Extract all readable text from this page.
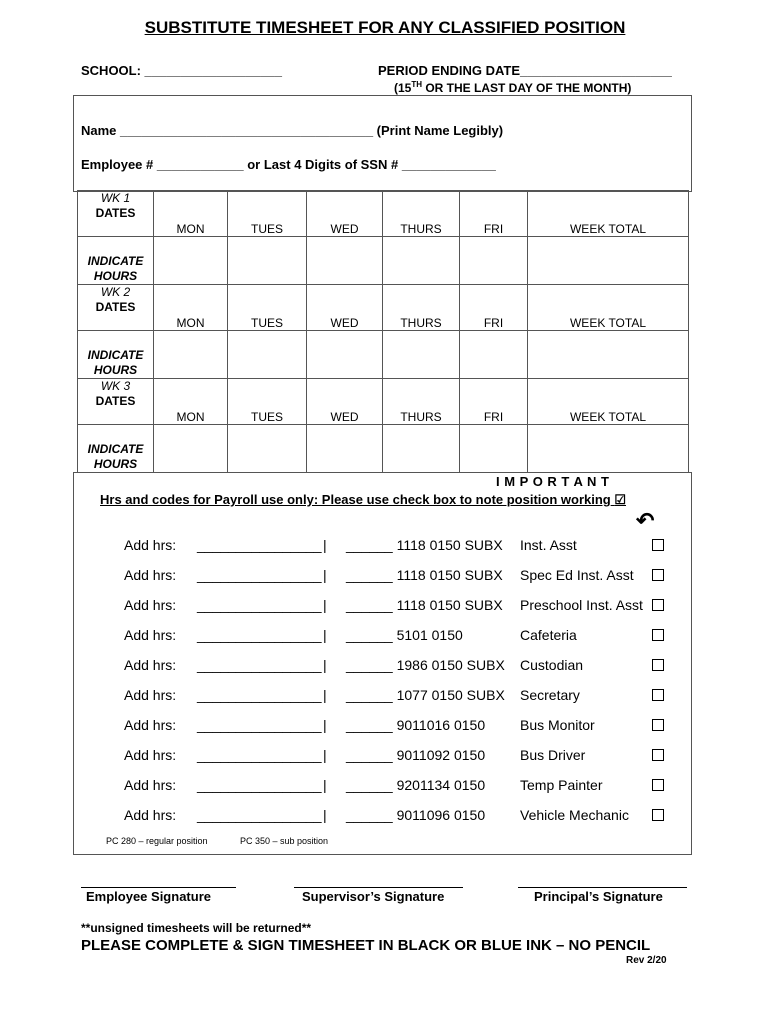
SUBSTITUTE TIMESHEET FOR ANY CLASSIFIED POSITION
SCHOOL: ___________________	PERIOD ENDING DATE_____________________
(15TH OR THE LAST DAY OF THE MONTH)
Name ___________________________________ (Print Name Legibly)
Employee # ____________ or Last 4 Digits of SSN # _____________
WK 1
DATES	MON	TUES	WED	THURS	FRI	WEEK TOTAL
INDICATE
HOURS						
WK 2
DATES	MON	TUES	WED	THURS	FRI	WEEK TOTAL
INDICATE
HOURS						
WK 3
DATES	MON	TUES	WED	THURS	FRI	WEEK TOTAL
INDICATE
HOURS						
I M P O R T A N T
Hrs and codes for Payroll use only: Please use check box to note position working ☑
↶
Add hrs: ________________ | ______ 1118 0150 SUBX Inst. Asst
Add hrs: ________________ | ______ 1118 0150 SUBX Spec Ed Inst. Asst
Add hrs: ________________ | ______ 1118 0150 SUBX Preschool Inst. Asst
Add hrs: ________________ | ______ 5101 0150	Cafeteria
Add hrs: ________________ | ______ 1986 0150 SUBX Custodian
Add hrs: ________________ | ______ 1077 0150 SUBX Secretary
Add hrs: ________________ | ______ 9011016 0150 Bus Monitor
Add hrs: ________________ | ______ 9011092 0150 Bus Driver
Add hrs: ________________ | ______ 9201134 0150 Temp Painter
Add hrs: ________________ | ______ 9011096 0150 Vehicle Mechanic
PC 280 – regular position	PC 350 – sub position
Employee Signature	Supervisor’s Signature	Principal’s Signature
**unsigned timesheets will be returned**
PLEASE COMPLETE & SIGN TIMESHEET IN BLACK OR BLUE INK – NO PENCIL
Rev 2/20
